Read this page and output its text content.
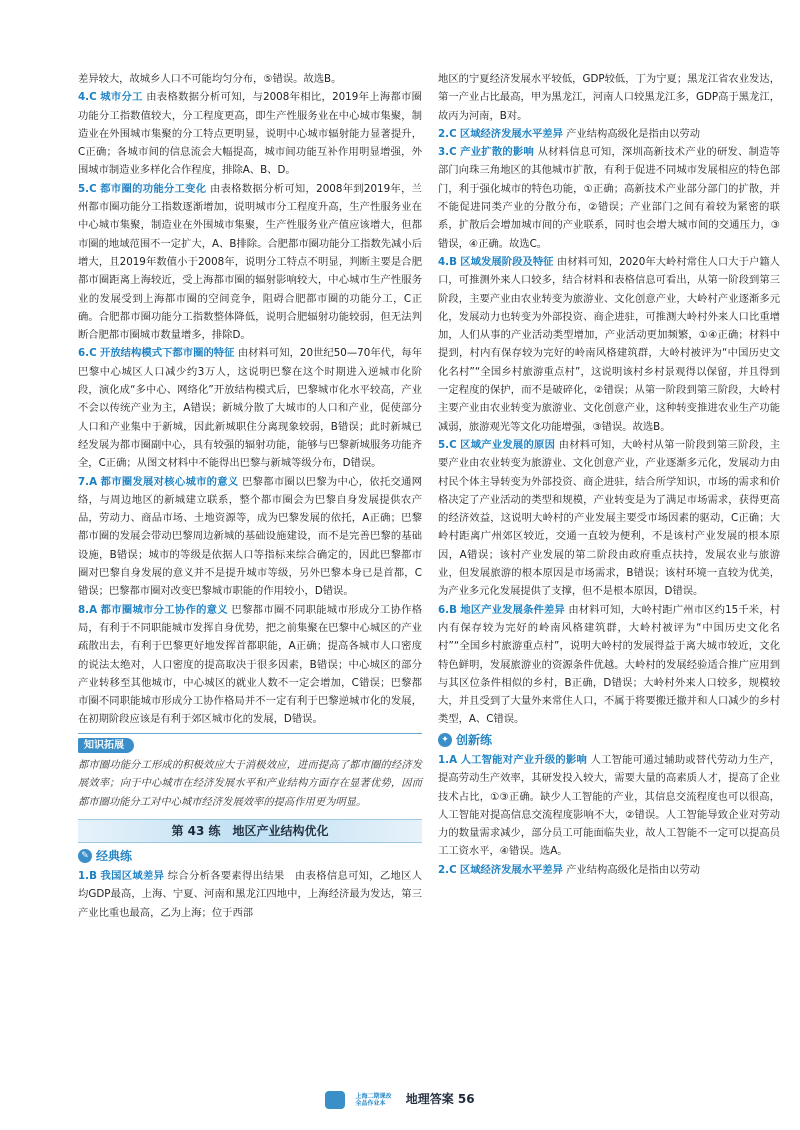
差异较大，故城乡人口不可能均匀分布，⑤错误。故选B。

4.C 城市分工 由表格数据分析可知，与2008年相比，2019年上海都市圈功能分工指数值较大，分工程度更高，即生产性服务业在中心城市集聚，制造业在外围城市集聚的分工特点更明显，说明中心城市辐射能力显著提升，C正确；各城市间的信息流会大幅提高，城市间功能互补作用明显增强，外围城市制造业多样化合作程度，排除A、B、D。

5.C 都市圈的功能分工变化 由表格数据分析可知，2008年到2019年，兰州都市圈功能分工指数逐渐增加，说明城市分工程度升高，生产性服务业在中心城市集聚，制造业在外围城市集聚，生产性服务业产值应该增大，但都市圈的地域范围不一定扩大，A、B排除。合肥都市圈功能分工指数先减小后增大，且2019年数值小于2008年，说明分工特点不明显，判断主要是合肥都市圈距离上海较近，受上海都市圈的辐射影响较大，中心城市生产性服务业的发展受到上海都市圈的空间竞争，阻碍合肥都市圈的功能分工，C正确。合肥都市圈功能分工指数整体降低，说明合肥辐射功能较弱，但无法判断合肥都市圈城市数量增多，排除D。

6.C 开放结构模式下都市圈的特征 由材料可知，20世纪50—70年代，每年巴黎中心城区人口减少约3万人，这说明巴黎在这个时期进入逆城市化阶段，演化成“多中心、网络化”开放结构模式后，巴黎城市化水平较高，产业不会以传统产业为主，A错误；新城分散了大城市的人口和产业，促使部分人口和产业集中于新城，因此新城职住分离现象较弱，B错误；此时新城已经发展为都市圈副中心，具有较强的辐射功能，能够与巴黎新城服务功能齐全，C正确；从图文材料中不能得出巴黎与新城等级分布，D错误。

7.A 都市圈发展对核心城市的意义 巴黎都市圈以巴黎为中心，依托交通网络，与周边地区的新城建立联系，整个都市圈会为巴黎自身发展提供农产品，劳动力、商品市场、土地资源等，成为巴黎发展的依托，A正确；巴黎都市圈的发展会带动巴黎周边新城的基础设施建设，而不是完善巴黎的基础设施，B错误；城市的等级是依据人口等指标来综合确定的，因此巴黎都市圈对巴黎自身发展的意义并不是提升城市等级，另外巴黎本身已是首都，C错误；巴黎都市圈对改变巴黎城市职能的作用较小，D错误。

8.A 都市圈城市分工协作的意义 巴黎都市圈不同职能城市形成分工协作格局，有利于不同职能城市发挥自身优势，把之前集聚在巴黎中心城区的产业疏散出去，有利于巴黎更好地发挥首都职能，A正确；提高各城市人口密度的说法太绝对，人口密度的提高取决于很多因素，B错误；中心城区的部分产业转移至其他城市，中心城区的就业人数不一定会增加，C错误；巴黎都市圈不同职能城市形成分工协作格局并不一定有利于巴黎逆城市化的发展，在初期阶段应该是有利于郊区城市化的发展，D错误。

知识拓展
都市圈功能分工形成的积极效应大于消极效应，进而提高了都市圈的经济发展效率；向于中心城市在经济发展水平和产业结构方面存在显著优势，因而都市圈功能分工对中心城市经济发展效率的提高作用更为明显。
第 43 练　地区产业结构优化
✎ 经典练

1.B 我国区域差异 综合分析各要素得出结果　由表格信息可知，乙地区人均GDP最高，上海、宁夏、河南和黑龙江四地中，上海经济最为发达，第三产业比重也最高，乙为上海；位于西部

地区的宁夏经济发展水平较低，GDP较低，丁为宁夏；黑龙江省农业发达，第一产业占比最高，甲为黑龙江，河南人口较黑龙江多，GDP高于黑龙江，故丙为河南，B对。

2.C 区域经济发展水平差异 产业结构高级化是指由以劳动

3.C 产业扩散的影响 从材料信息可知，深圳高新技术产业的研发、制造等部门向珠三角地区的其他城市扩散，有利于促进不同城市发展相应的特色部门，利于强化城市的特色功能，①正确；高新技术产业部分部门的扩散，并不能促进同类产业的分散分布，②错误；产业部门之间有着较为紧密的联系，扩散后会增加城市间的产业联系，同时也会增大城市间的交通压力，③错误，④正确。故选C。

4.B 区域发展阶段及特征 由材料可知，2020年大岭村常住人口大于户籍人口，可推测外来人口较多，结合材料和表格信息可看出，从第一阶段到第三阶段，主要产业由农业转变为旅游业、文化创意产业，大岭村产业逐渐多元化，发展动力也转变为外部投资、商企进驻，可推测大岭村外来人口比重增加，人们从事的产业活动类型增加，产业活动更加频繁，①④正确；材料中提到，村内有保存较为完好的岭南风格建筑群，大岭村被评为“中国历史文化名村”“全国乡村旅游重点村”，这说明该村乡村景观得以保留，并且得到一定程度的保护，而不是破碎化，②错误；从第一阶段到第三阶段，大岭村主要产业由农业转变为旅游业、文化创意产业，这种转变推进农业生产功能减弱，旅游观光等文化功能增强，③错误。故选B。

5.C 区域产业发展的原因 由材料可知，大岭村从第一阶段到第三阶段，主要产业由农业转变为旅游业、文化创意产业，产业逐渐多元化，发展动力由村民个体主导转变为外部投资、商企进驻，结合所学知识，市场的需求和价格决定了产业活动的类型和规模，产业转变是为了满足市场需求，获得更高的经济效益，这说明大岭村的产业发展主要受市场因素的驱动，C正确；大岭村距离广州郊区较近，交通一直较为便利，不是该村产业发展的根本原因，A错误；该村产业发展的第二阶段由政府重点扶持，发展农业与旅游业，但发展旅游的根本原因是市场需求，B错误；该村环境一直较为优美，为产业多元化发展提供了支撑，但不是根本原因，D错误。

6.B 地区产业发展条件差异 由材料可知，大岭村距广州市区约15千米，村内有保存较为完好的岭南风格建筑群，大岭村被评为“中国历史文化名村”“全国乡村旅游重点村”，说明大岭村的发展得益于离大城市较近，文化特色鲜明，发展旅游业的资源条件优越。大岭村的发展经验适合推广应用到与其区位条件相似的乡村，B正确，D错误；大岭村外来人口较多，规模较大，并且受到了大量外来常住人口，不属于将要搬迁撤并和人口减少的乡村类型，A、C错误。

✦ 创新练

1.A 人工智能对产业升级的影响 人工智能可通过辅助或替代劳动力生产，提高劳动生产效率，其研发投入较大，需要大量的高素质人才，提高了企业技术占比，①③正确。缺少人工智能的产业，其信息交流程度也可以很高，人工智能对提高信息交流程度影响不大，②错误。人工智能导致企业对劳动力的数量需求减少，部分员工可能面临失业，故人工智能不一定可以提高员工工资水平，④错误。选A。

2.C 区域经济发展水平差异 产业结构高级化是指由以劳动

上海二期课改 全品作业本 地理答案 56
